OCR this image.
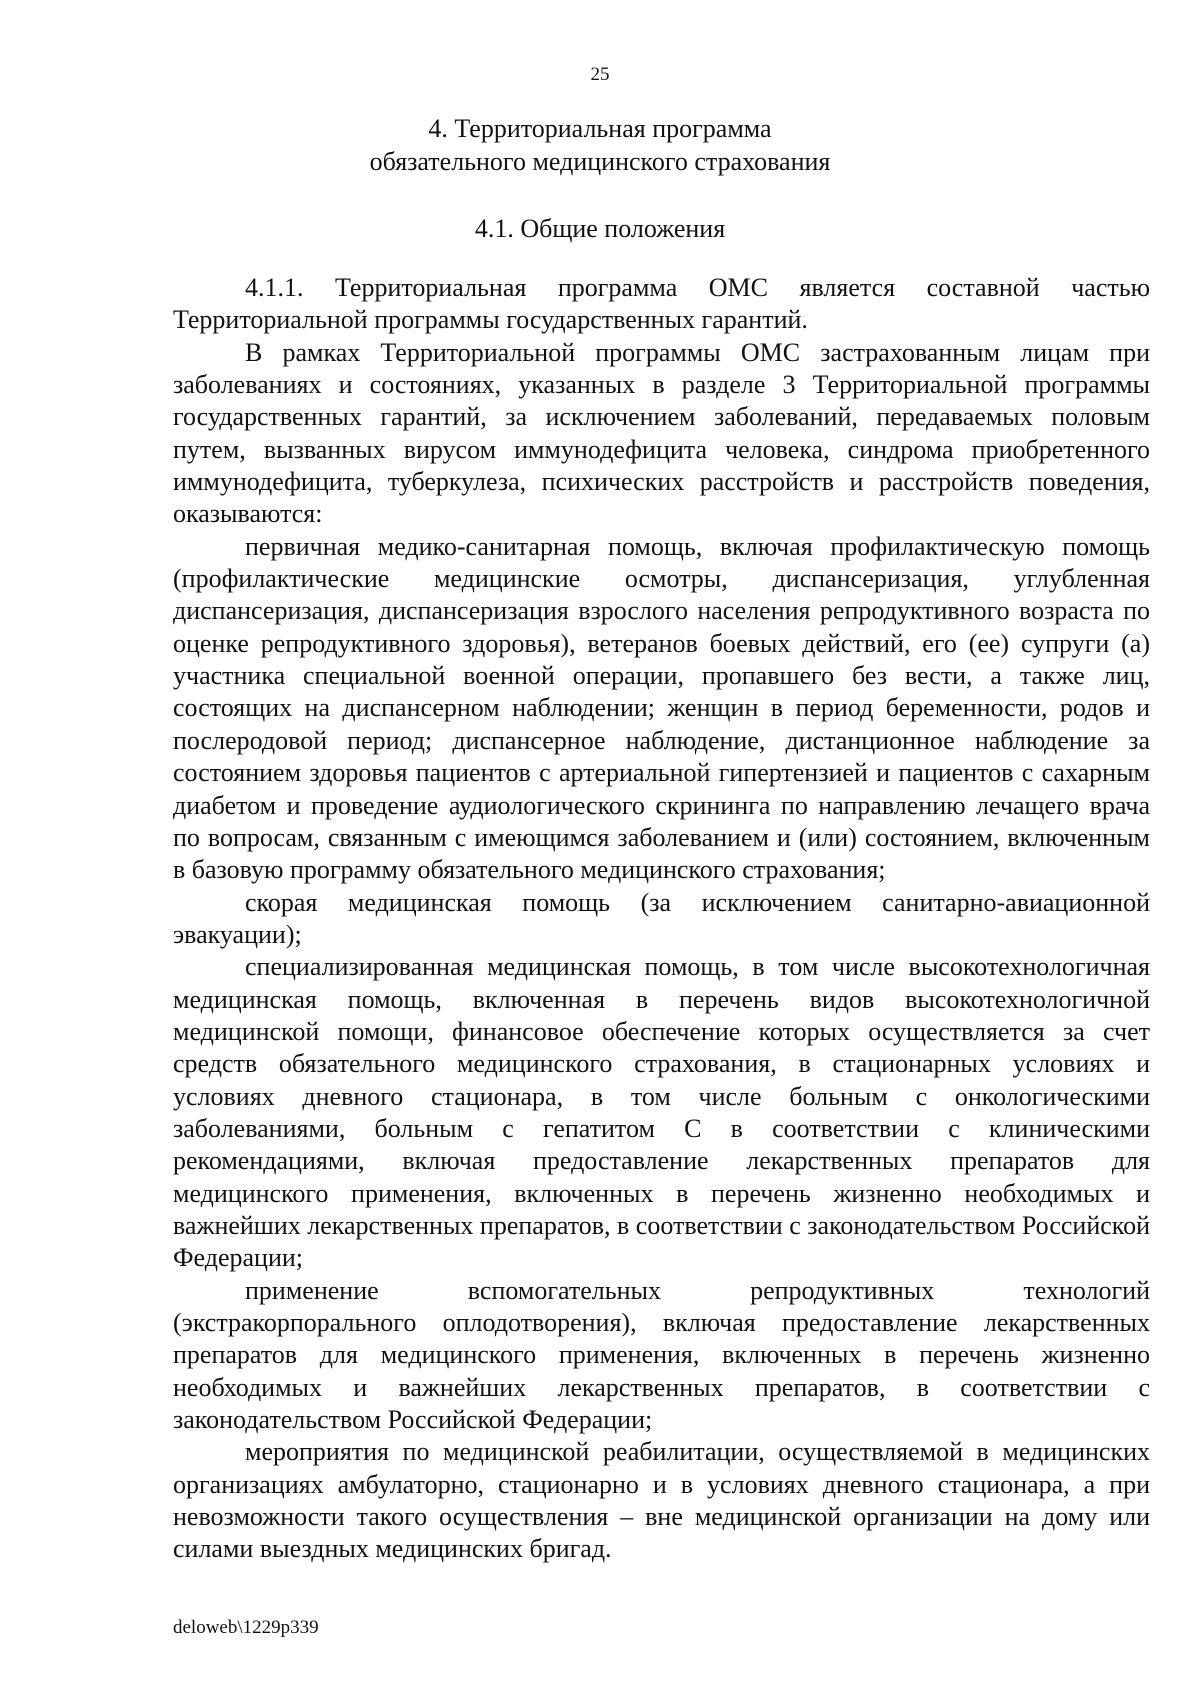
25
4. Территориальная программа
обязательного медицинского страхования
4.1. Общие положения

4.1.1. Территориальная программа ОМС является составной частью Территориальной программы государственных гарантий.

В рамках Территориальной программы ОМС застрахованным лицам при заболеваниях и состояниях, указанных в разделе 3 Территориальной программы государственных гарантий, за исключением заболеваний, передаваемых половым путем, вызванных вирусом иммунодефицита человека, синдрома приобретенного иммунодефицита, туберкулеза, психических расстройств и расстройств поведения, оказываются:

первичная медико-санитарная помощь, включая профилактическую помощь (профилактические медицинские осмотры, диспансеризация, углубленная диспансеризация, диспансеризация взрослого населения репродуктивного возраста по оценке репродуктивного здоровья), ветеранов боевых действий, его (ее) супруги (а) участника специальной военной операции, пропавшего без вести, а также лиц, состоящих на диспансерном наблюдении; женщин в период беременности, родов и послеродовой период; диспансерное наблюдение, дистанционное наблюдение за состоянием здоровья пациентов с артериальной гипертензией и пациентов с сахарным диабетом и проведение аудиологического скрининга по направлению лечащего врача по вопросам, связанным с имеющимся заболеванием и (или) состоянием, включенным в базовую программу обязательного медицинского страхования;

скорая медицинская помощь (за исключением санитарно-авиационной эвакуации);

специализированная медицинская помощь, в том числе высокотехнологичная медицинская помощь, включенная в перечень видов высокотехнологичной медицинской помощи, финансовое обеспечение которых осуществляется за счет средств обязательного медицинского страхования, в стационарных условиях и условиях дневного стационара, в том числе больным с онкологическими заболеваниями, больным с гепатитом С в соответствии с клиническими рекомендациями, включая предоставление лекарственных препаратов для медицинского применения, включенных в перечень жизненно необходимых и важнейших лекарственных препаратов, в соответствии с законодательством Российской Федерации;

применение вспомогательных репродуктивных технологий (экстракорпорального оплодотворения), включая предоставление лекарственных препаратов для медицинского применения, включенных в перечень жизненно необходимых и важнейших лекарственных препаратов, в соответствии с законодательством Российской Федерации;

мероприятия по медицинской реабилитации, осуществляемой в медицинских организациях амбулаторно, стационарно и в условиях дневного стационара, а при невозможности такого осуществления – вне медицинской организации на дому или силами выездных медицинских бригад.

deloweb\1229p339
